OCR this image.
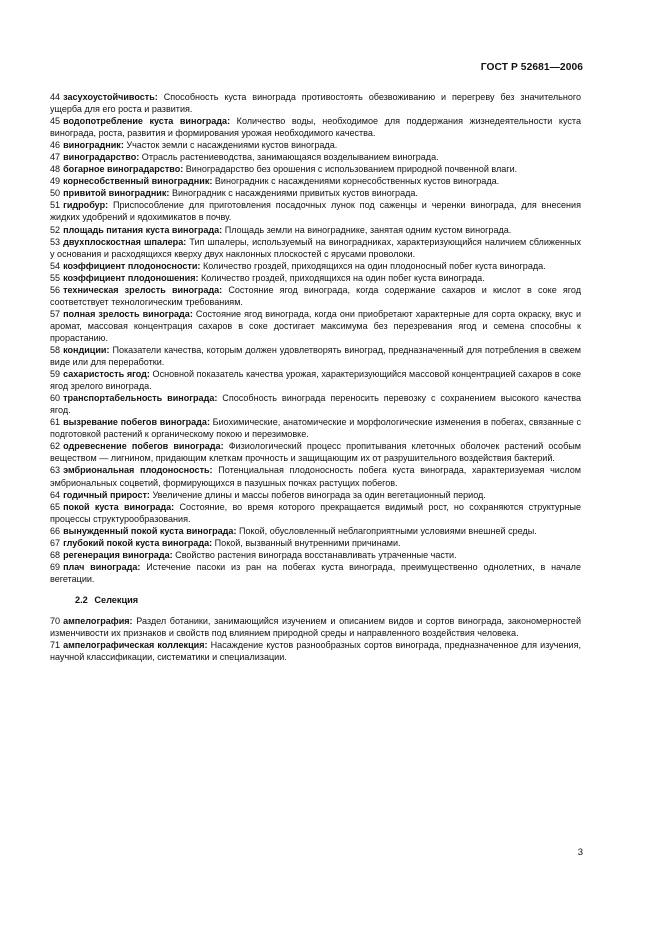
ГОСТ Р 52681—2006

44 засухоустойчивость: Способность куста винограда противостоять обезвоживанию и перегреву без значительного ущерба для его роста и развития.

45 водопотребление куста винограда: Количество воды, необходимое для поддержания жизнедеятельности куста винограда, роста, развития и формирования урожая необходимого качества.

46 виноградник: Участок земли с насаждениями кустов винограда.

47 виноградарство: Отрасль растениеводства, занимающаяся возделыванием винограда.

48 богарное виноградарство: Виноградарство без орошения с использованием природной почвенной влаги.

49 корнесобственный виноградник: Виноградник с насаждениями корнесобственных кустов винограда.

50 привитой виноградник: Виноградник с насаждениями привитых кустов винограда.

51 гидробур: Приспособление для приготовления посадочных лунок под саженцы и черенки винограда, для внесения жидких удобрений и ядохимикатов в почву.

52 площадь питания куста винограда: Площадь земли на винограднике, занятая одним кустом винограда.

53 двухплоскостная шпалера: Тип шпалеры, используемый на виноградниках, характеризующийся наличием сближенных у основания и расходящихся кверху двух наклонных плоскостей с ярусами проволоки.

54 коэффициент плодоносности: Количество гроздей, приходящихся на один плодоносный побег куста винограда.

55 коэффициент плодоношения: Количество гроздей, приходящихся на один побег куста винограда.

56 техническая зрелость винограда: Состояние ягод винограда, когда содержание сахаров и кислот в соке ягод соответствует технологическим требованиям.

57 полная зрелость винограда: Состояние ягод винограда, когда они приобретают характерные для сорта окраску, вкус и аромат, массовая концентрация сахаров в соке достигает максимума без перезревания ягод и семена способны к прорастанию.

58 кондиции: Показатели качества, которым должен удовлетворять виноград, предназначенный для потребления в свежем виде или для переработки.

59 сахаристость ягод: Основной показатель качества урожая, характеризующийся массовой концентрацией сахаров в соке ягод зрелого винограда.

60 транспортабельность винограда: Способность винограда переносить перевозку с сохранением высокого качества ягод.

61 вызревание побегов винограда: Биохимические, анатомические и морфологические изменения в побегах, связанные с подготовкой растений к органическому покою и перезимовке.

62 одревеснение побегов винограда: Физиологический процесс пропитывания клеточных оболочек растений особым веществом — лигнином, придающим клеткам прочность и защищающим их от разрушительного воздействия бактерий.

63 эмбриональная плодоносность: Потенциальная плодоносность побега куста винограда, характеризуемая числом эмбриональных соцветий, формирующихся в пазушных почках растущих побегов.

64 годичный прирост: Увеличение длины и массы побегов винограда за один вегетационный период.

65 покой куста винограда: Состояние, во время которого прекращается видимый рост, но сохраняются структурные процессы структурообразования.

66 вынужденный покой куста винограда: Покой, обусловленный неблагоприятными условиями внешней среды.

67 глубокий покой куста винограда: Покой, вызванный внутренними причинами.

68 регенерация винограда: Свойство растения винограда восстанавливать утраченные части.

69 плач винограда: Истечение пасоки из ран на побегах куста винограда, преимущественно однолетних, в начале вегетации.

2.2 Селекция

70 ампелография: Раздел ботаники, занимающийся изучением и описанием видов и сортов винограда, закономерностей изменчивости их признаков и свойств под влиянием природной среды и направленного воздействия человека.

71 ампелографическая коллекция: Насаждение кустов разнообразных сортов винограда, предназначенное для изучения, научной классификации, систематики и специализации.

3
